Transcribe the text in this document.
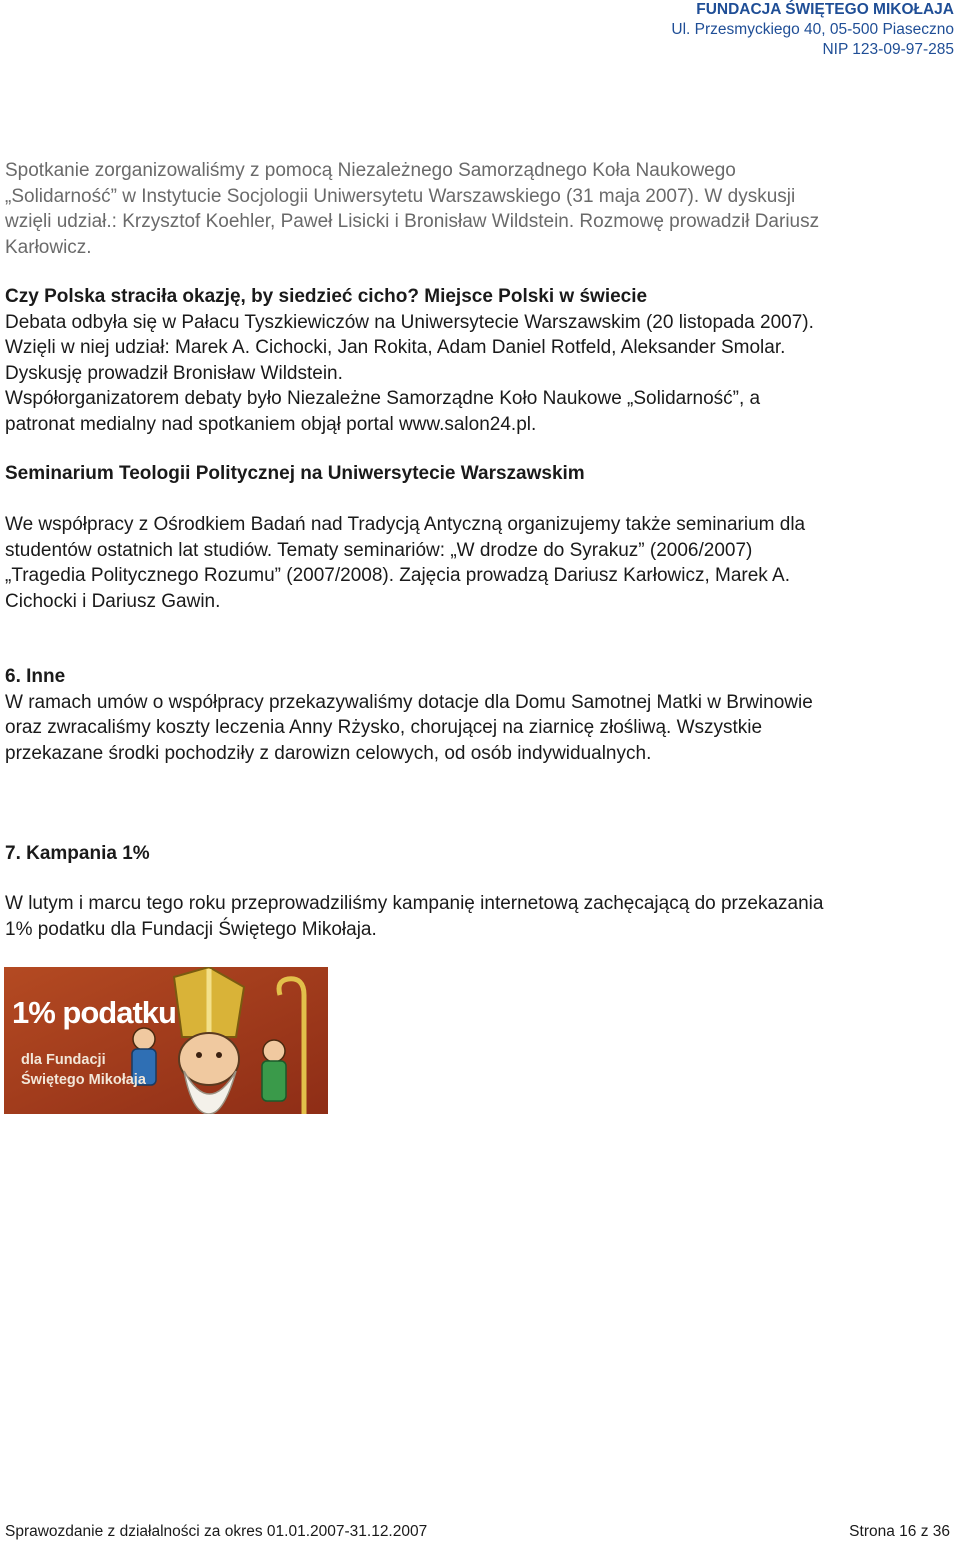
FUNDACJA ŚWIĘTEGO MIKOŁAJA
Ul. Przesmyckiego 40, 05-500 Piaseczno
NIP 123-09-97-285
Spotkanie zorganizowaliśmy z pomocą Niezależnego Samorządnego Koła Naukowego
„Solidarność” w Instytucie Socjologii Uniwersytetu Warszawskiego (31 maja 2007). W dyskusji
wzięli udział.: Krzysztof Koehler, Paweł Lisicki i Bronisław Wildstein. Rozmowę prowadził Dariusz
Karłowicz.

Czy Polska straciła okazję, by siedzieć cicho? Miejsce Polski w świecie

Debata odbyła się w Pałacu Tyszkiewiczów na Uniwersytecie Warszawskim (20 listopada 2007).

Wzięli w niej udział: Marek A. Cichocki, Jan Rokita, Adam Daniel Rotfeld, Aleksander Smolar.

Dyskusję prowadził Bronisław Wildstein.

Współorganizatorem debaty było Niezależne Samorządne Koło Naukowe „Solidarność”, a

patronat medialny nad spotkaniem objął portal www.salon24.pl.

Seminarium Teologii Politycznej na Uniwersytecie Warszawskim

We współpracy z Ośrodkiem Badań nad Tradycją Antyczną organizujemy także seminarium dla

studentów ostatnich lat studiów. Tematy seminariów: „W drodze do Syrakuz” (2006/2007)

„Tragedia Politycznego Rozumu” (2007/2008). Zajęcia prowadzą Dariusz Karłowicz, Marek A.

Cichocki i Dariusz Gawin.

6. Inne

W ramach umów o współpracy przekazywaliśmy dotacje dla Domu Samotnej Matki w Brwinowie

oraz zwracaliśmy koszty leczenia Anny Rżysko, chorującej na ziarnicę złośliwą. Wszystkie

przekazane środki pochodziły z darowizn celowych, od osób indywidualnych.

7. Kampania 1%

W lutym i marcu tego roku przeprowadziliśmy kampanię internetową zachęcającą do przekazania

1% podatku dla Fundacji Świętego Mikołaja.

1% podatku
dla Fundacji
Świętego Mikołaja
Sprawozdanie z działalności za okres 01.01.2007-31.12.2007	Strona 16 z 36
